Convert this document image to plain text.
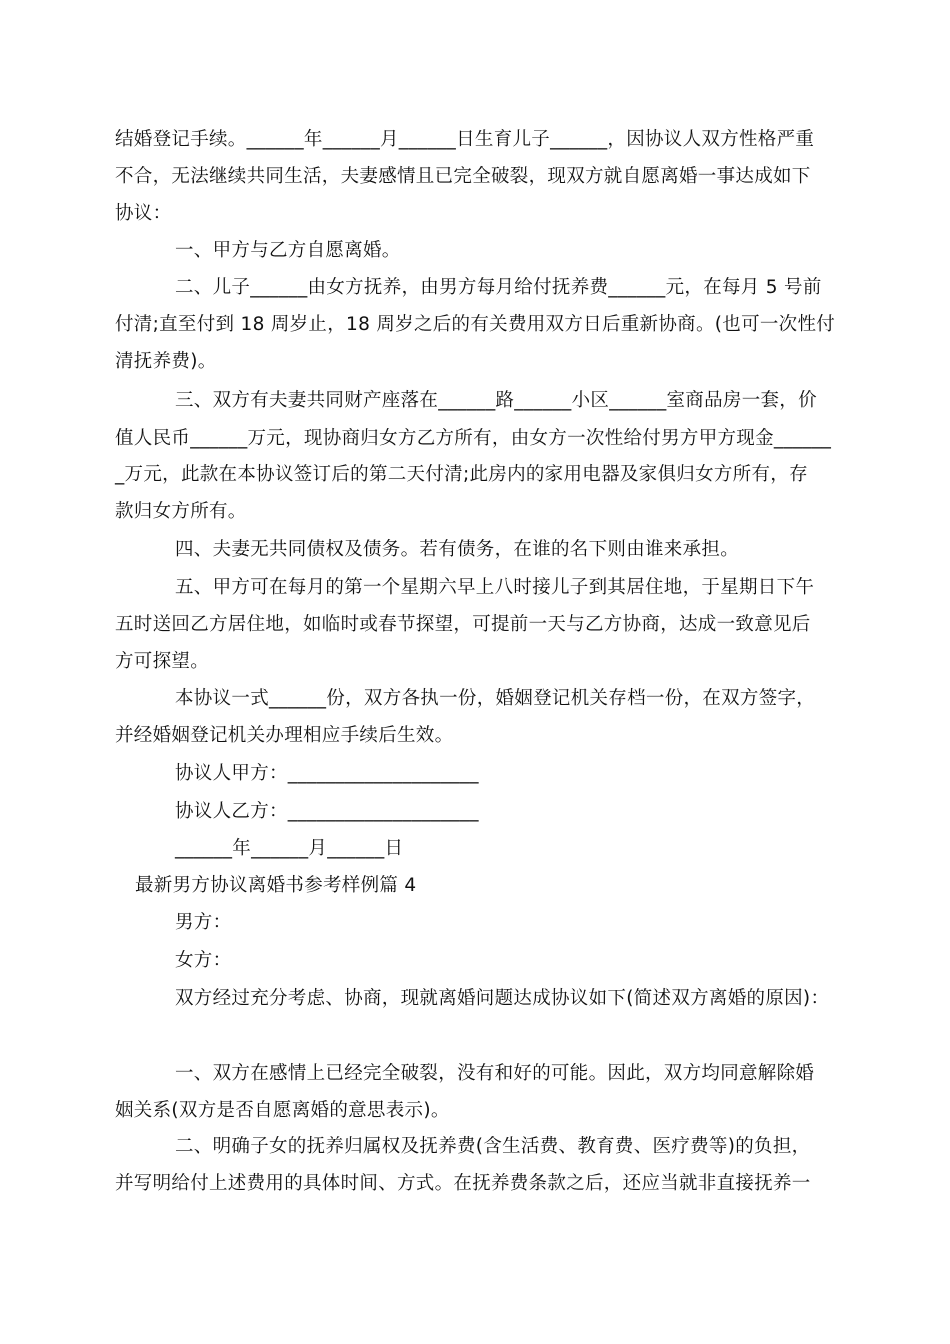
结婚登记手续。______年______月______日生育儿子______，因协议人双方性格严重
不合，无法继续共同生活，夫妻感情且已完全破裂，现双方就自愿离婚一事达成如下
协议：
一、甲方与乙方自愿离婚。
二、儿子______由女方抚养，由男方每月给付抚养费______元，在每月 5 号前
付清;直至付到 18 周岁止，18 周岁之后的有关费用双方日后重新协商。(也可一次性付
清抚养费)。
三、双方有夫妻共同财产座落在______路______小区______室商品房一套，价
值人民币______万元，现协商归女方乙方所有，由女方一次性给付男方甲方现金______
_万元，此款在本协议签订后的第二天付清;此房内的家用电器及家俱归女方所有，存
款归女方所有。
四、夫妻无共同债权及债务。若有债务，在谁的名下则由谁来承担。
五、甲方可在每月的第一个星期六早上八时接儿子到其居住地，于星期日下午
五时送回乙方居住地，如临时或春节探望，可提前一天与乙方协商，达成一致意见后
方可探望。
本协议一式______份，双方各执一份，婚姻登记机关存档一份，在双方签字，
并经婚姻登记机关办理相应手续后生效。
协议人甲方：____________________
协议人乙方：____________________
______年______月______日
最新男方协议离婚书参考样例篇 4
男方：
女方：
双方经过充分考虑、协商，现就离婚问题达成协议如下(简述双方离婚的原因)：
一、双方在感情上已经完全破裂，没有和好的可能。因此，双方均同意解除婚
姻关系(双方是否自愿离婚的意思表示)。
二、明确子女的抚养归属权及抚养费(含生活费、教育费、医疗费等)的负担，
并写明给付上述费用的具体时间、方式。在抚养费条款之后，还应当就非直接抚养一
